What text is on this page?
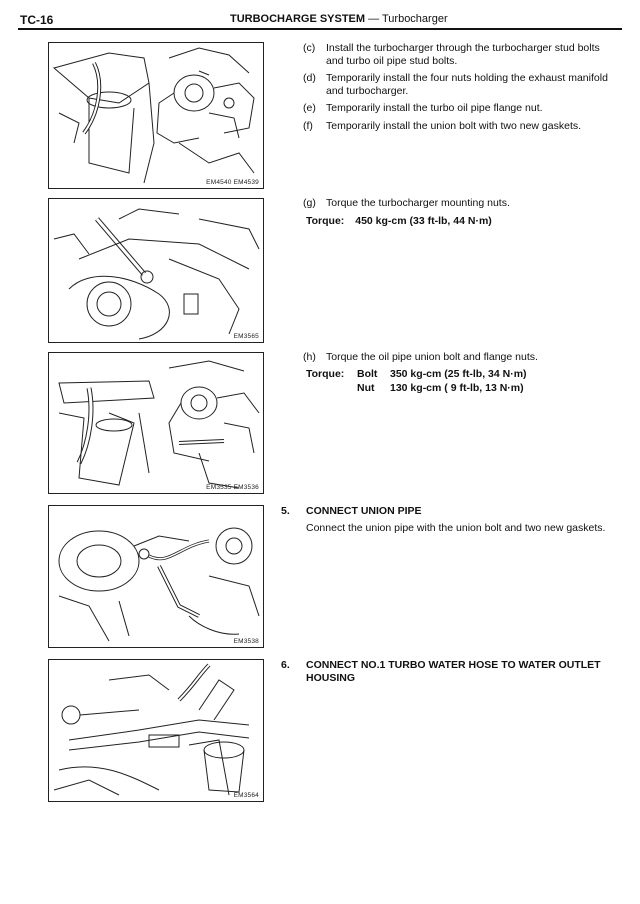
TC-16	TURBOCHARGE SYSTEM — Turbocharger
EM4540 EM4539
EM3565
EM3535 EM3536
EM3538
EM3564
(c) Install the turbocharger through the turbocharger stud bolts and turbo oil pipe stud bolts.
(d) Temporarily install the four nuts holding the exhaust manifold and turbocharger.
(e) Temporarily install the turbo oil pipe flange nut.
(f) Temporarily install the union bolt with two new gaskets.
(g) Torque the turbocharger mounting nuts.
Torque: 450 kg-cm (33 ft-lb, 44 N·m)
(h) Torque the oil pipe union bolt and flange nuts.
Torque: Bolt 350 kg-cm (25 ft-lb, 34 N·m)
Nut 130 kg-cm ( 9 ft-lb, 13 N·m)
5. CONNECT UNION PIPE
Connect the union pipe with the union bolt and two new gaskets.
6. CONNECT NO.1 TURBO WATER HOSE TO WATER OUTLET HOUSING
